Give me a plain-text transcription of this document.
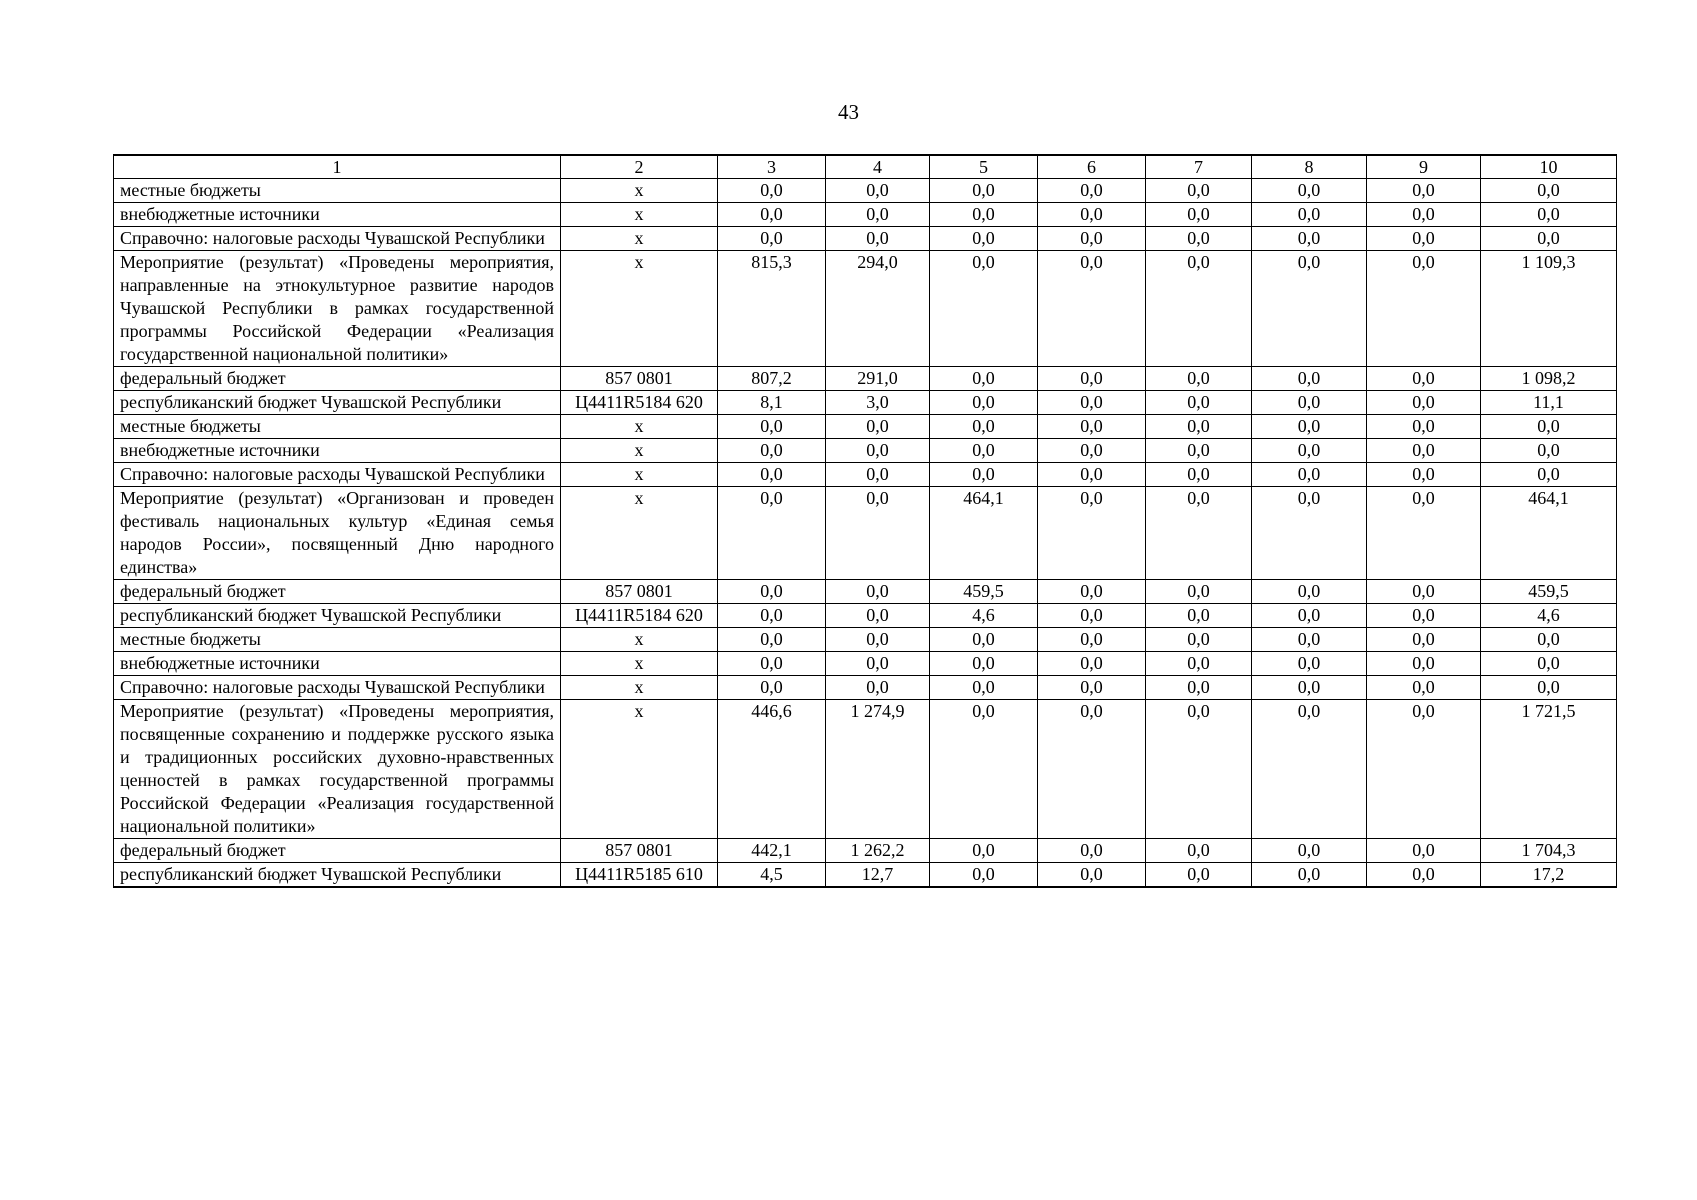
43
1	2	3	4	5	6	7	8	9	10
местные бюджеты	x	0,0	0,0	0,0	0,0	0,0	0,0	0,0	0,0
внебюджетные источники	x	0,0	0,0	0,0	0,0	0,0	0,0	0,0	0,0
Справочно: налоговые расходы Чувашской Республики	x	0,0	0,0	0,0	0,0	0,0	0,0	0,0	0,0
Мероприятие (результат) «Проведены мероприятия, направленные на этнокультурное развитие народов Чувашской Республики в рамках государственной программы Российской Федерации «Реализация государственной национальной политики»	x	815,3	294,0	0,0	0,0	0,0	0,0	0,0	1 109,3
федеральный бюджет	857 0801	807,2	291,0	0,0	0,0	0,0	0,0	0,0	1 098,2
республиканский бюджет Чувашской Республики	Ц4411R5184 620	8,1	3,0	0,0	0,0	0,0	0,0	0,0	11,1
местные бюджеты	x	0,0	0,0	0,0	0,0	0,0	0,0	0,0	0,0
внебюджетные источники	x	0,0	0,0	0,0	0,0	0,0	0,0	0,0	0,0
Справочно: налоговые расходы Чувашской Республики	x	0,0	0,0	0,0	0,0	0,0	0,0	0,0	0,0
Мероприятие (результат) «Организован и проведен фестиваль национальных культур «Единая семья народов России», посвященный Дню народного единства»	x	0,0	0,0	464,1	0,0	0,0	0,0	0,0	464,1
федеральный бюджет	857 0801	0,0	0,0	459,5	0,0	0,0	0,0	0,0	459,5
республиканский бюджет Чувашской Республики	Ц4411R5184 620	0,0	0,0	4,6	0,0	0,0	0,0	0,0	4,6
местные бюджеты	x	0,0	0,0	0,0	0,0	0,0	0,0	0,0	0,0
внебюджетные источники	x	0,0	0,0	0,0	0,0	0,0	0,0	0,0	0,0
Справочно: налоговые расходы Чувашской Республики	x	0,0	0,0	0,0	0,0	0,0	0,0	0,0	0,0
Мероприятие (результат) «Проведены мероприятия, посвященные сохранению и поддержке русского языка и традиционных российских духовно-нравственных ценностей в рамках государственной программы Российской Федерации «Реализация государственной национальной политики»	x	446,6	1 274,9	0,0	0,0	0,0	0,0	0,0	1 721,5
федеральный бюджет	857 0801	442,1	1 262,2	0,0	0,0	0,0	0,0	0,0	1 704,3
республиканский бюджет Чувашской Республики	Ц4411R5185 610	4,5	12,7	0,0	0,0	0,0	0,0	0,0	17,2
